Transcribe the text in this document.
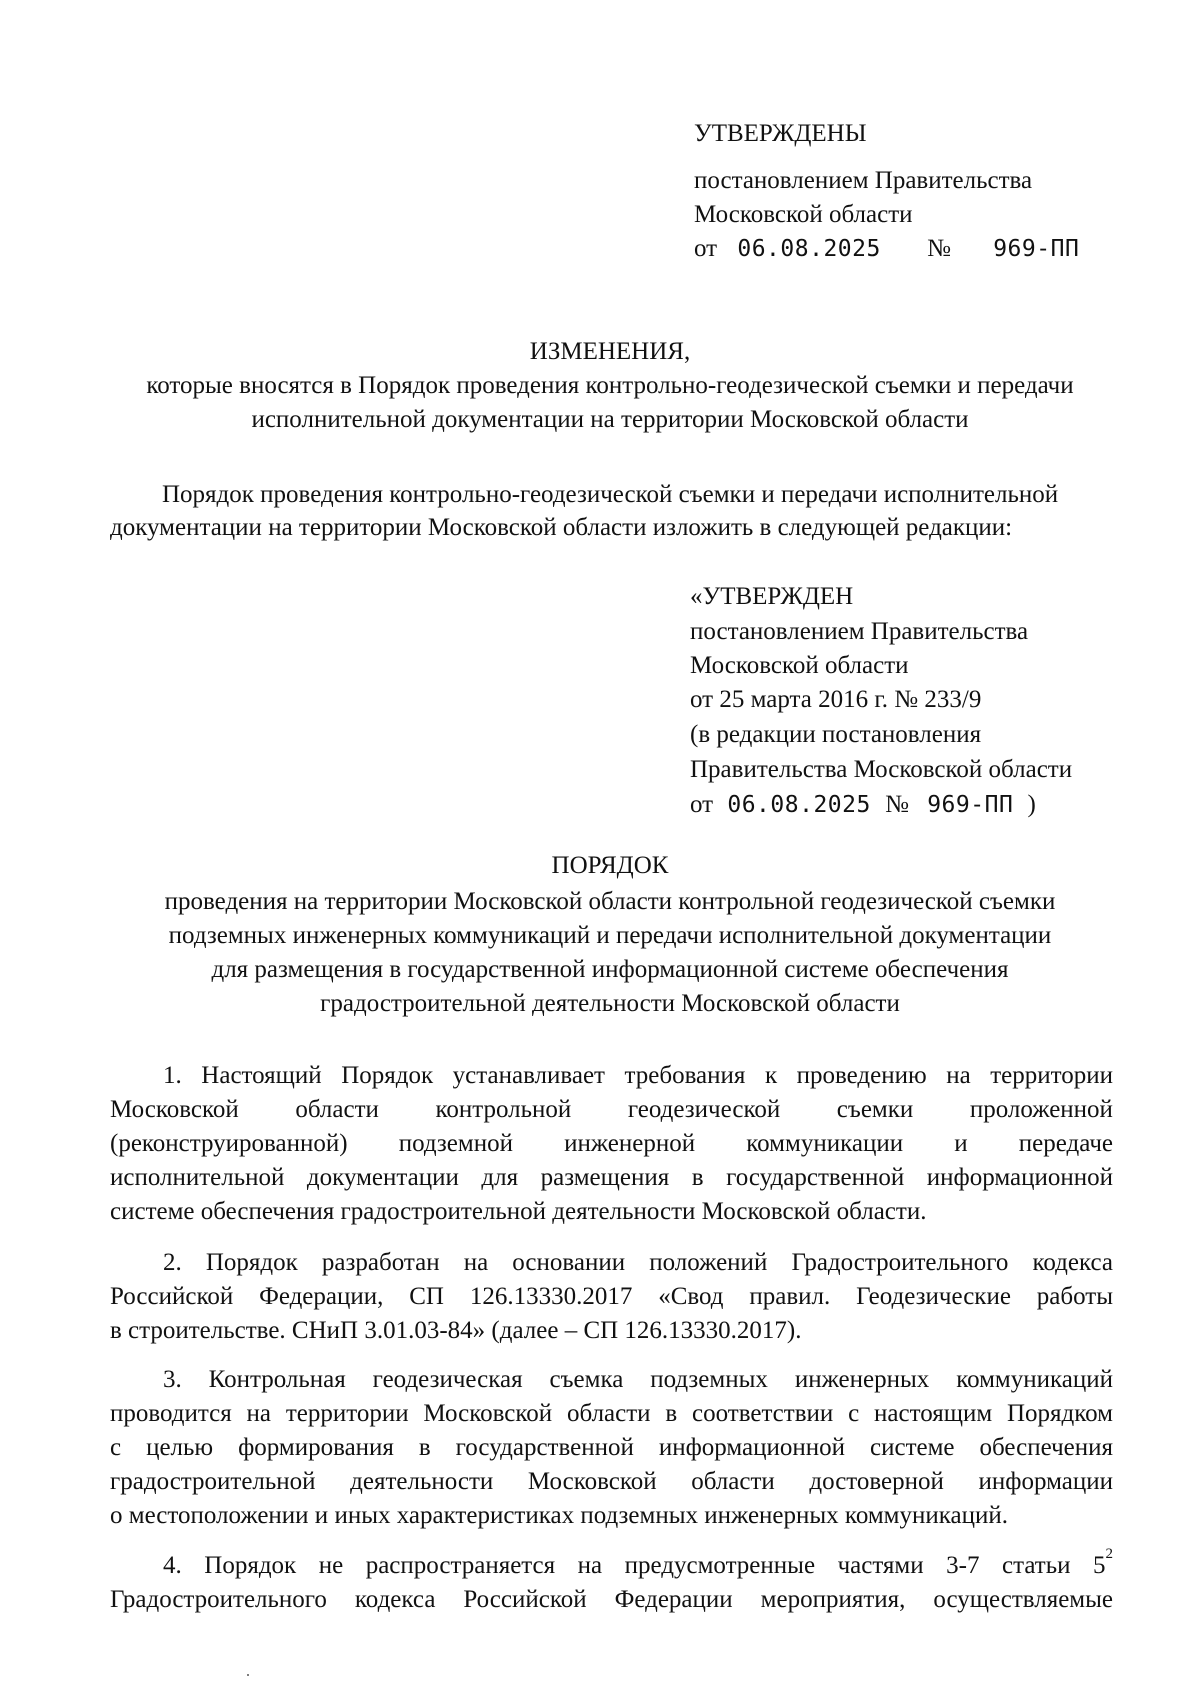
УТВЕРЖДЕНЫ
постановлением Правительства
Московской области
от 06.08.2025 № 969-ПП
ИЗМЕНЕНИЯ,
которые вносятся в Порядок проведения контрольно-геодезической съемки и передачи
исполнительной документации на территории Московской области
Порядок проведения контрольно-геодезической съемки и передачи исполнительной
документации на территории Московской области изложить в следующей редакции:
«УТВЕРЖДЕН
постановлением Правительства
Московской области
от 25 марта 2016 г. № 233/9
(в редакции постановления
Правительства Московской области
от 06.08.2025 № 969-ПП )
ПОРЯДОК
проведения на территории Московской области контрольной геодезической съемки
подземных инженерных коммуникаций и передачи исполнительной документации
для размещения в государственной информационной системе обеспечения
градостроительной деятельности Московской области
1. Настоящий Порядок устанавливает требования к проведению на территории
Московской области контрольной геодезической съемки проложенной
(реконструированной) подземной инженерной коммуникации и передаче
исполнительной документации для размещения в государственной информационной
системе обеспечения градостроительной деятельности Московской области.
2. Порядок разработан на основании положений Градостроительного кодекса
Российской Федерации, СП 126.13330.2017 «Свод правил. Геодезические работы
в строительстве. СНиП 3.01.03-84» (далее – СП 126.13330.2017).
3. Контрольная геодезическая съемка подземных инженерных коммуникаций
проводится на территории Московской области в соответствии с настоящим Порядком
с целью формирования в государственной информационной системе обеспечения
градостроительной деятельности Московской области достоверной информации
о местоположении и иных характеристиках подземных инженерных коммуникаций.
4. Порядок не распространяется на предусмотренные частями 3-7 статьи $5^2$
Градостроительного кодекса Российской Федерации мероприятия, осуществляемые
